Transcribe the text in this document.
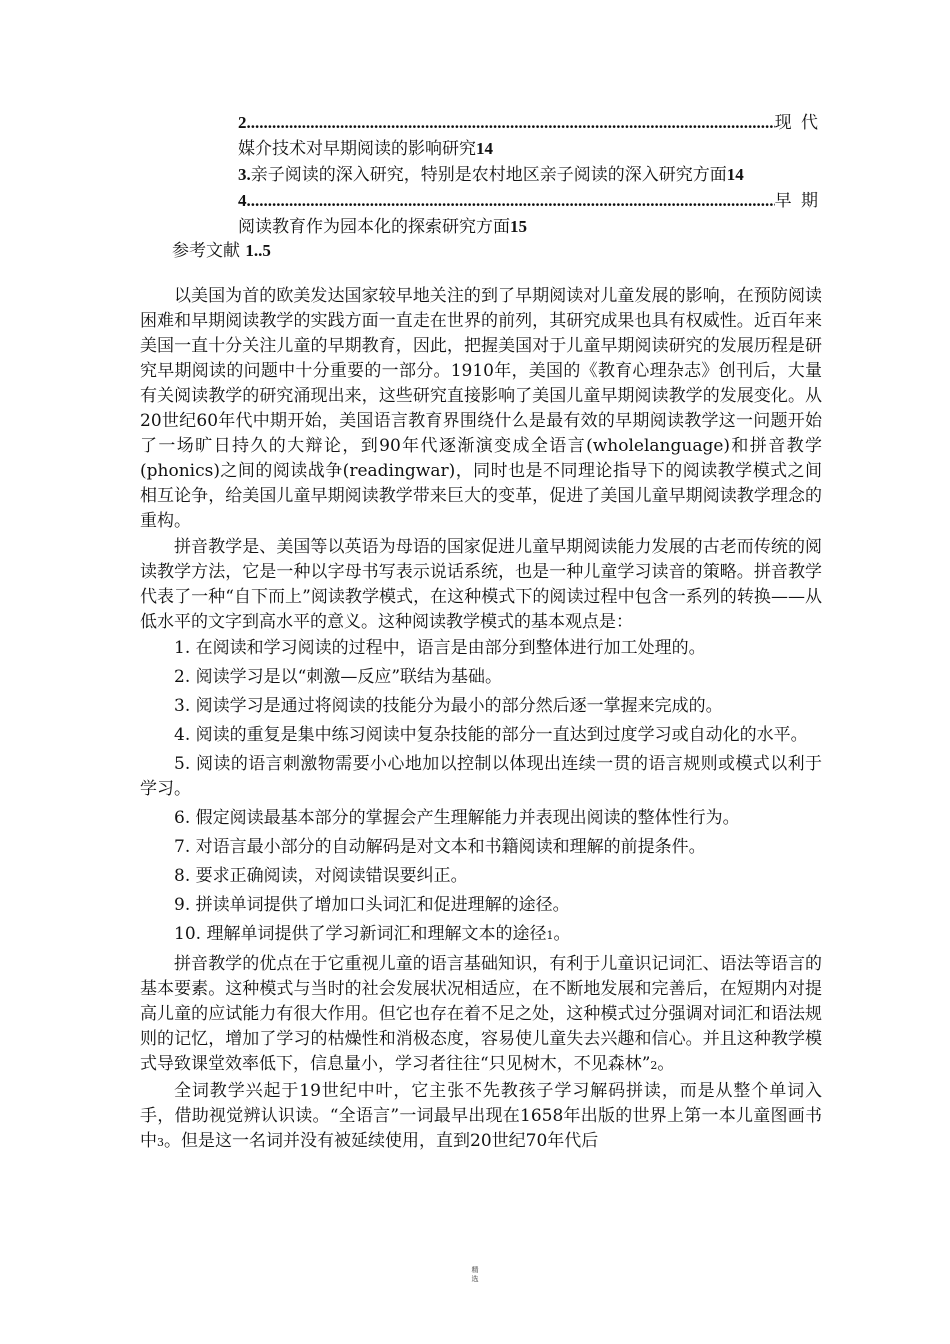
2 .....	现 代
媒介技术对早期阅读的影响研究14
3.亲子阅读的深入研究，特别是农村地区亲子阅读的深入研究方面14
4 .....	早 期
阅读教育作为园本化的探索研究方面15
参考文献 1..5

以美国为首的欧美发达国家较早地关注的到了早期阅读对儿童发展的影响，在预防阅读困难和早期阅读教学的实践方面一直走在世界的前列，其研究成果也具有权威性。近百年来美国一直十分关注儿童的早期教育，因此，把握美国对于儿童早期阅读研究的发展历程是研究早期阅读的问题中十分重要的一部分。1910年，美国的《教育心理杂志》创刊后，大量有关阅读教学的研究涌现出来，这些研究直接影响了美国儿童早期阅读教学的发展变化。从20世纪60年代中期开始，美国语言教育界围绕什么是最有效的早期阅读教学这一问题开始了一场旷日持久的大辩论，到90年代逐渐演变成全语言(wholelanguage)和拼音教学(phonics)之间的阅读战争(readingwar)，同时也是不同理论指导下的阅读教学模式之间相互论争，给美国儿童早期阅读教学带来巨大的变革，促进了美国儿童早期阅读教学理念的重构。

拼音教学是、美国等以英语为母语的国家促进儿童早期阅读能力发展的古老而传统的阅读教学方法，它是一种以字母书写表示说话系统，也是一种儿童学习读音的策略。拼音教学代表了一种“自下而上”阅读教学模式，在这种模式下的阅读过程中包含一系列的转换——从低水平的文字到高水平的意义。这种阅读教学模式的基本观点是：

1. 在阅读和学习阅读的过程中，语言是由部分到整体进行加工处理的。

2. 阅读学习是以“刺激—反应”联结为基础。

3. 阅读学习是通过将阅读的技能分为最小的部分然后逐一掌握来完成的。

4. 阅读的重复是集中练习阅读中复杂技能的部分一直达到过度学习或自动化的水平。

5. 阅读的语言刺激物需要小心地加以控制以体现出连续一贯的语言规则或模式以利于学习。

6. 假定阅读最基本部分的掌握会产生理解能力并表现出阅读的整体性行为。

7. 对语言最小部分的自动解码是对文本和书籍阅读和理解的前提条件。

8. 要求正确阅读，对阅读错误要纠正。

9. 拼读单词提供了增加口头词汇和促进理解的途径。

10. 理解单词提供了学习新词汇和理解文本的途径1。

拼音教学的优点在于它重视儿童的语言基础知识，有利于儿童识记词汇、语法等语言的基本要素。这种模式与当时的社会发展状况相适应，在不断地发展和完善后，在短期内对提高儿童的应试能力有很大作用。但它也存在着不足之处，这种模式过分强调对词汇和语法规则的记忆，增加了学习的枯燥性和消极态度，容易使儿童失去兴趣和信心。并且这种教学模式导致课堂效率低下，信息量小，学习者往往“只见树木，不见森林”2。

全词教学兴起于19世纪中叶，它主张不先教孩子学习解码拼读，而是从整个单词入手，借助视觉辨认识读。“全语言”一词最早出现在1658年出版的世界上第一本儿童图画书中3。但是这一名词并没有被延续使用，直到20世纪70年代后

精
选
